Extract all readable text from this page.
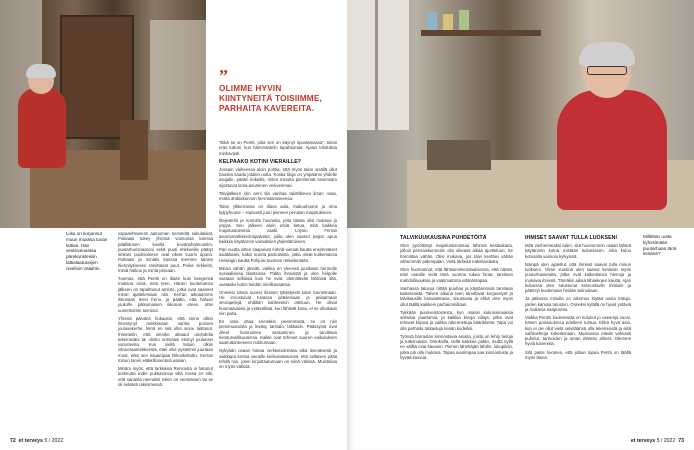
Liisa on korjannut muun muassa tuvan lattian. Hän vesisivenastaa pärekoristeisiin lattialaatusoijen nivelloin välaihin.

vapaaehtoisesti aamuman tiemiteltä sukulaisiat. Poikaasi tukey yhessä vaimonsa kanssa päälliänsen kovilla kovärpihalmomilm, puutarhurisnaaroni sekä puuti ehkkoeille päätyt sinkoni puolisoineen ovat olleet suorin apuna. Poikaasi ja miniäni kanssa teemme talossi hiennityksesen tarvittavat puut. Poika sirkkelöi, miniä halkoo ja miniä pinoaan.

Tuomas, että Pentti on ikään kuin beegensä mukana siinä, mitä teen. Hänen kuolemansa jälkeen on tapahtunut aminto, jotka ovat saaneet minut ajattelemaan niin. Kerran aikoaamme ikkunaan leesi freno, ja päätin, että haluan joukolle pikkumaisen ikkunan eteen, ottei uunentoimin toiminut.

Yhtenä päivänä hokaasin, että sinne olikin ilmestynyt mökkimaan vanha poimen joulusekerhe. Minä en siiä ollut sinne laittanut. Ihmettelin, että oleniko alkaaut unohdella tekemisiäni tai olinko unimaasi etsinyt joulunsei varusteista. Kun siellä laitoin olkiin vänueraamekkeesta, ettei ollut pystelmin juurtaan muut, eikä sen kauempaa Rikoskeltuttu. Kerran minun tarvin eläkkillosentinä asiaan.

Minäm myös, että tarkkaisa Rensosta oi hatunut korkeutta eville pukkatonsia siltä missä en silti, että sanasta niemalsti mikin on veemäinen tai se oli selvästi rakinimessä.

”
OLIMME HYVIN KIINTYNEITÄ TOISIIMME, PARHAITA KAVEREITA.

”Eikä se on Pentti, joka sen on käynyt ripustamassa”, totesi eräs tuttuni, kun hämmäntelin tapahtumaa. Ajatus lohduttaa minkavasti.

KELPAAKO KOTINI VIERAILLE?

Jossain vaiheessa aloin pohtia, että myös talon sisällä ollut hauska saada jotakin uutta. Koska tiloja on ympäanni yhdelle asujalle, päätin kokeilla, miten minulta pienimmät toisensäm sijoittuvat loma-asuminen vesivenmaa.

Talvijälkeen olin anni tila vanhaa talottlikevoi ilman osaa, mutta ahdaskunnon kerrostamiseensa.

Talon ylkkerrassa on tilava aula, makuuhuone ja oma kylpyhuone – sopivasti juuri pieneen perukan majoitukseen.

Iltejestelin ja normitin huoneita, jotta tilasta olisi mukava ja yöpyä. Sen jälkeen aloin etsiä tietoa, mitä kaikkea majoitustoiminta vaatii. Löysin Ferran asuntomarkkinointipalvelut, joilla olen saanut paljon apua kaikkiin käytännön varauksien järjestämiseen.

Pari vuotta sitten saapuivat Airbnb-vieraat kautta ensimmäiset asiakkaani, kaksi nuorta partiolaista, jotka olivat kulkemassa Helsingin kautta Pohjois-Suomen retkeilemään.

Minua vähän jännitti, vaikka en yleensä juurikaan hermoile sosiaalisissa tilanteissa. Pidän ihmisistä ja olen helpolle vastaan sellaisia kuin he ovat. Jännittävän lähtöisä sitä, vastaako kotini heidän mielikuvaansa.

Onneksi nämä nuoret ihmiset tykästyivät talon tunnelmaan. He innostuivat tuvassa juttelemaan ja pelaamaan seurapelejä, ehdittiin kahteenkin otteluun. He olivat huomaavaisia ja ystävällisiä, kun lähtivät kotia, ei se ollutkaan niin paha.

En ossa ottaa erienäkin pienimmistä, se on niin pienimuotoista ja leväsy tarinalo, lakkasin. Päässyinä ovat olleet luonnoinen varaaminen ja tarvittava tietoturvallisuutensa. Kaikki ovat tehneet suuren vaikutuksen saanuttaneeseen nukkumaan.

Nykyään osaan hoitaa verkkotoimintaa aika itsenäisesti ja vaikkapa kertoa vieraille kielivavalasoista, että sellaisen pitää tehdä niin, joten kirjoittautumaan on siinä välissä. Muisteliaa on myös välissä.

72 et terveys 5 / 2022
TALVIKUUKAUSINA PUHDETÖITÄ

Olen pyörittänyt majoitustoimintaa lähinnä kesäaikana, jolloin pensaiskunnotiin olla oikeasti aikaa ajoitteluun. Se harmittaa vähän. Olisi mukava, jos talvi kestäisi vähän vähemmän pidempään. Vielä tärkeitä näkinlaislasta.

Olen huomannut, että lähitoimimendauksessa, että näistä, ettei usealle vielä tänä vuonna tukea hinta; tarvitsen mahdollisuuksia ja vaatimatonta elämäntapaa.

Vanhassa talossa riittää puuhaa ja käytännössä tarvitaan kaikenlaista. Talven aikana teen tarvittavat korjaustyöt ja talvikausille kasvatettavia, sisustusta ja ehkä olen myös ollut täällä kaikkein parhaimmillaan.

Tykkään puunveistostesta, kun osasin kokonaisuuksia sellaisia puuttomia, ja kaikkia kivoja viitoja, jotka ovat tehneet kirjava ja vaikka rakennettuja käärikkeitä. Tapa voi olla parhaita ratkaisuja kesän kodeiksi.

Työssä harrastan kiinnostavia asioita, joista on tehty tietoja ja tutkimuksia. Ostoksilla, tiellä kaikkea pidän, mutta kyllä ne välillä ovat kaunein. Pienen lähettäjän lähdin, lukupiiriin, jotka piti olla mukana. Tapaa suurimpaa saa kiinnostusta ja hyvää kasvua.

IHMISET SAAVAT TULLA LUOKSENI

Mitä vanhemmaksi tulen, sitä huonommin osaan lähteä käytännön kotoa mistään kulumiseen. Aika kuluu kotosalla vaimoni kylvyissä.

Näinpä olen ajatellut, että ihmiset saavat tulla minun luokseni. Viime vuosina olen saanut kesäisin myös puutarhavieraita, jotka ovat kaikenlaisia hienoja ja mukavia ihmisiä. Tämäkin aikaa lähiaikojen kautta. Ajan kuluessa olen tutustunut kiinnostaviin ihmisiin ja päässyt kuulemaan heidän tarinoitaan.

Ja jatkossa minulla on aikomus löytää uusia tuttuja, joiden kanssa tutustun. Onneksi kylällä on hyviä ystäviä ja mukavia naapureita.

Vaikka Pentin kuolemasta on kulunut jo useampi vuosi, hänen poissaolonsa edelleen tuntuu. Ehkä hyvä asia, kun ei ole ollut vielä selvitäänsä olla tekemisistä ja siitä vaihtoehtoja kokeilemaan. Muistoissa elävät vahvasti puhelut, tarinoiden ja oman elämän aiheet. Olemme hyviä kavereita.

Sitä paitsi huomen, että joltain tapaa Pentti on täällä myös läsnä.

Millähän uutta kyhvsimään puutarhaan tänä kesänä?
et terveys 5 / 2022 73
